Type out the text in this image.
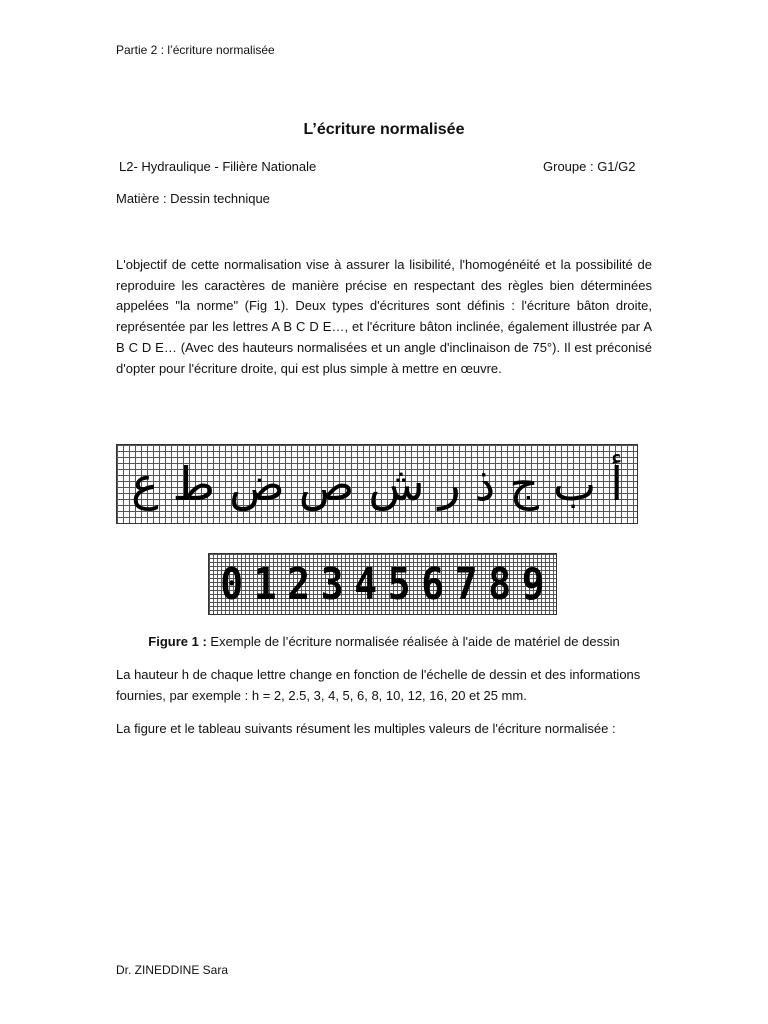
Partie 2 : l’écriture normalisée
L’écriture normalisée
L2- Hydraulique - Filière Nationale	Groupe : G1/G2
Matière : Dessin technique

L'objectif de cette normalisation vise à assurer la lisibilité, l'homogénéité et la possibilité de reproduire les caractères de manière précise en respectant des règles bien déterminées appelées "la norme" (Fig 1). Deux types d'écritures sont définis : l'écriture bâton droite, représentée par les lettres A B C D E…, et l'écriture bâton inclinée, également illustrée par A B C D E… (Avec des hauteurs normalisées et un angle d'inclinaison de 75°). Il est préconisé d'opter pour l'écriture droite, qui est plus simple à mettre en œuvre.

أ
ب
ج
ذ
ر
ش
ص
ض
ط
ع
0 1 2 3 4 5 6 7 8 9
Figure 1 : Exemple de l’écriture normalisée réalisée à l'aide de matériel de dessin

La hauteur h de chaque lettre change en fonction de l'échelle de dessin et des informations fournies, par exemple : h = 2, 2.5, 3, 4, 5, 6, 8, 10, 12, 16, 20 et 25 mm.

La figure et le tableau suivants résument les multiples valeurs de l'écriture normalisée :

Dr. ZINEDDINE Sara
